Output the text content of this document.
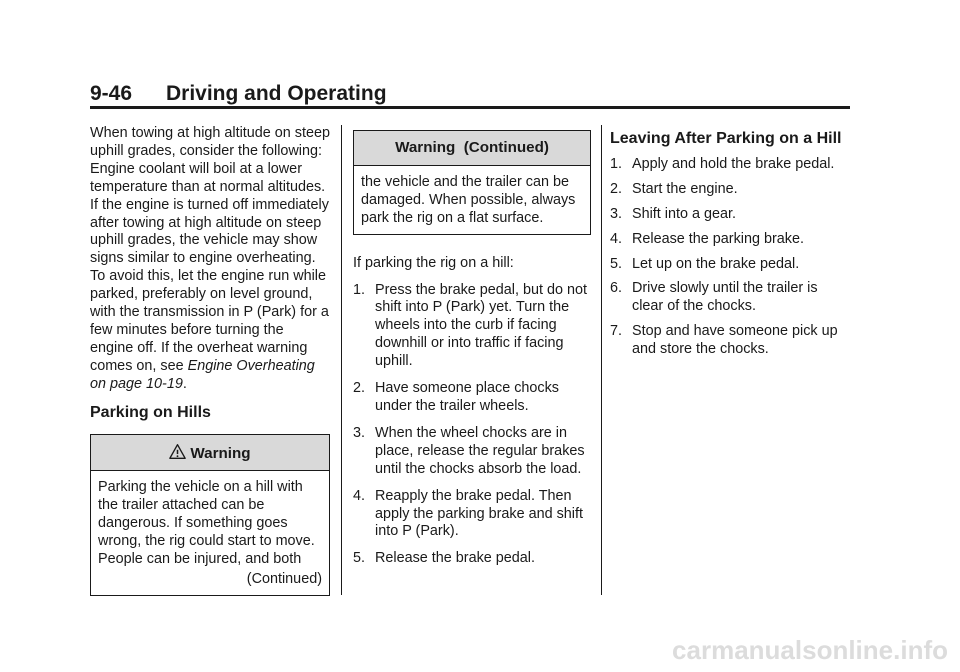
9-46 Driving and Operating

When towing at high altitude on steep uphill grades, consider the following: Engine coolant will boil at a lower temperature than at normal altitudes. If the engine is turned off immediately after towing at high altitude on steep uphill grades, the vehicle may show signs similar to engine overheating. To avoid this, let the engine run while parked, preferably on level ground, with the transmission in P (Park) for a few minutes before turning the engine off. If the overheat warning comes on, see Engine Overheating on page 10-19.

Parking on Hills
Warning

Parking the vehicle on a hill with the trailer attached can be dangerous. If something goes wrong, the rig could start to move. People can be injured, and both

(Continued)

Warning  (Continued)

the vehicle and the trailer can be damaged. When possible, always park the rig on a flat surface.

If parking the rig on a hill:

1. Press the brake pedal, but do not shift into P (Park) yet. Turn the wheels into the curb if facing downhill or into traffic if facing uphill.
2. Have someone place chocks under the trailer wheels.
3. When the wheel chocks are in place, release the regular brakes until the chocks absorb the load.
4. Reapply the brake pedal. Then apply the parking brake and shift into P (Park).
5. Release the brake pedal.
Leaving After Parking on a Hill
1. Apply and hold the brake pedal.
2. Start the engine.
3. Shift into a gear.
4. Release the parking brake.
5. Let up on the brake pedal.
6. Drive slowly until the trailer is clear of the chocks.
7. Stop and have someone pick up and store the chocks.
carmanualsonline.info
